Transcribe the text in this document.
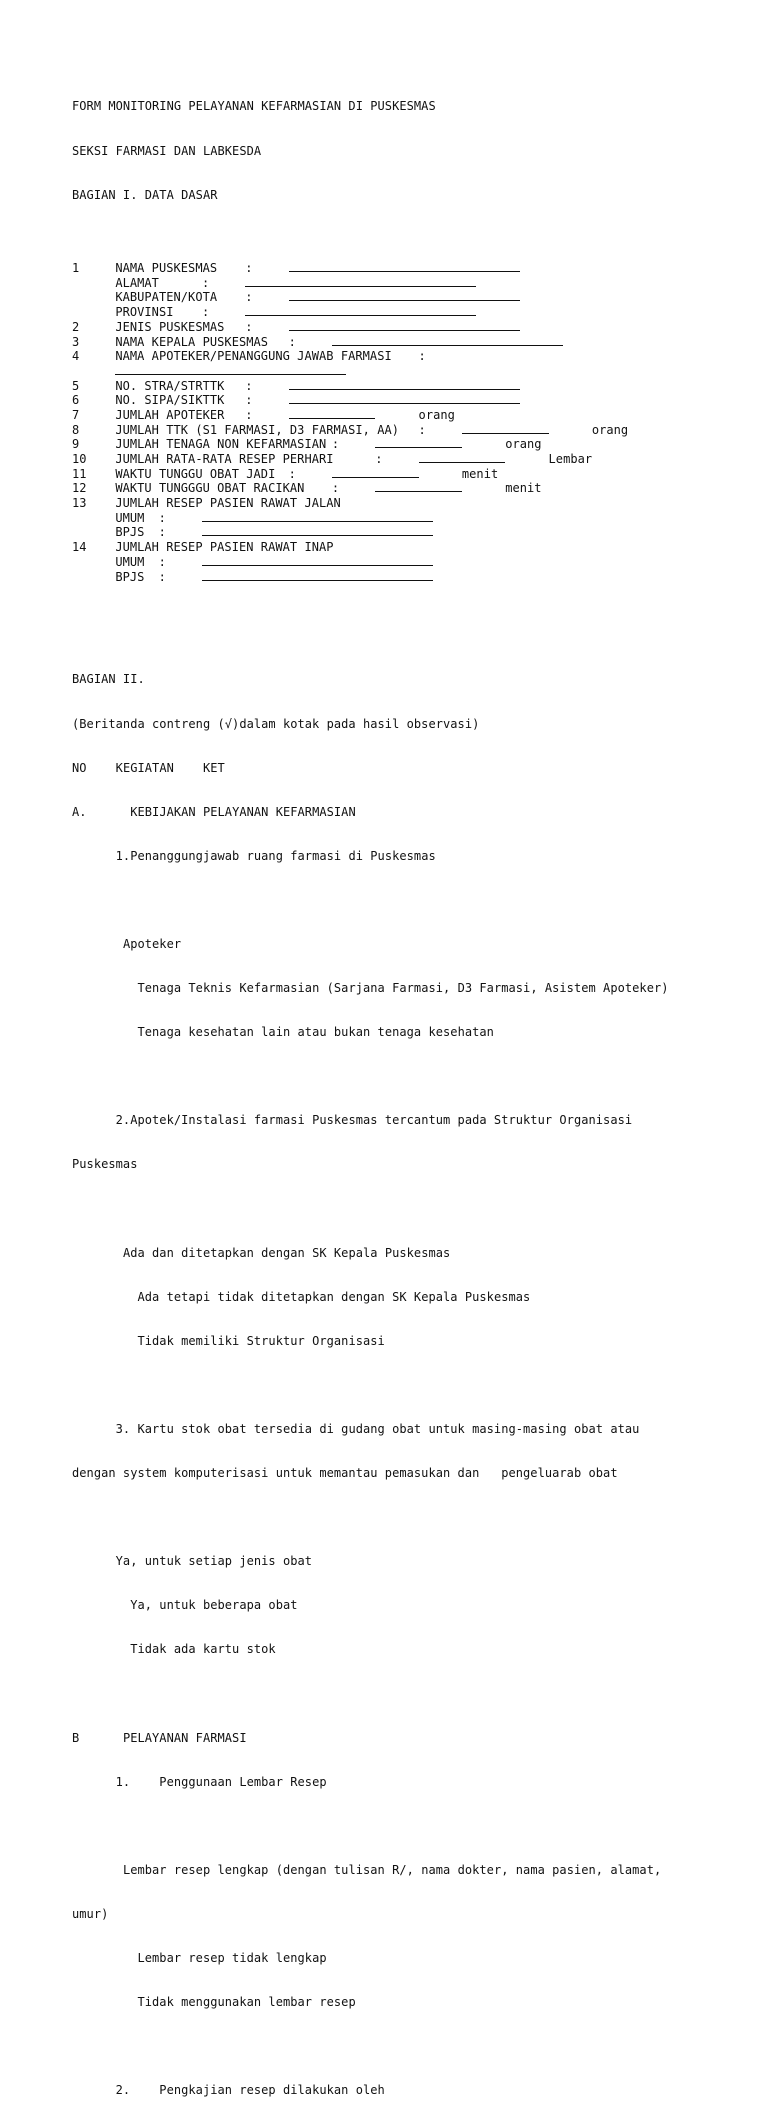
FORM MONITORING PELAYANAN KEFARMASIAN DI PUSKESMAS

SEKSI FARMASI DAN LABKESDA

BAGIAN I. DATA DASAR

1	NAMA PUSKESMAS :
ALAMAT	:
KABUPATEN/KOTA :
PROVINSI :
2	JENIS PUSKESMAS :
3	NAMA KEPALA PUSKESMAS :
4	NAMA APOTEKER/PENANGGUNG JAWAB FARMASI :
5	NO. STRA/STRTTK :
6	NO. SIPA/SIKTTK :
7	JUMLAH APOTEKER :	orang
8	JUMLAH TTK (S1 FARMASI, D3 FARMASI, AA) :	orang
9	JUMLAH TENAGA NON KEFARMASIAN :	orang
10 JUMLAH RATA-RATA RESEP PERHARI	:	Lembar
11 WAKTU TUNGGU OBAT JADI :	menit
12 WAKTU TUNGGGU OBAT RACIKAN :	menit
13 JUMLAH RESEP PASIEN RAWAT JALAN
UMUM :
BPJS :
14 JUMLAH RESEP PASIEN RAWAT INAP
UMUM :
BPJS :

BAGIAN II.

(Beritanda contreng (√)dalam kotak pada hasil observasi)

NO KEGIATAN KET

A.	KEBIJAKAN PELAYANAN KEFARMASIAN

1.Penanggungjawab ruang farmasi di Puskesmas

Apoteker

Tenaga Teknis Kefarmasian (Sarjana Farmasi, D3 Farmasi, Asistem Apoteker)

Tenaga kesehatan lain atau bukan tenaga kesehatan

2.Apotek/Instalasi farmasi Puskesmas tercantum pada Struktur Organisasi

Puskesmas

Ada dan ditetapkan dengan SK Kepala Puskesmas

Ada tetapi tidak ditetapkan dengan SK Kepala Puskesmas

Tidak memiliki Struktur Organisasi

3. Kartu stok obat tersedia di gudang obat untuk masing-masing obat atau

dengan system komputerisasi untuk memantau pemasukan dan   pengeluarab obat

Ya, untuk setiap jenis obat

Ya, untuk beberapa obat

Tidak ada kartu stok

B	PELAYANAN FARMASI

1.    Penggunaan Lembar Resep

Lembar resep lengkap (dengan tulisan R/, nama dokter, nama pasien, alamat,

umur)

Lembar resep tidak lengkap

Tidak menggunakan lembar resep

2.    Pengkajian resep dilakukan oleh
